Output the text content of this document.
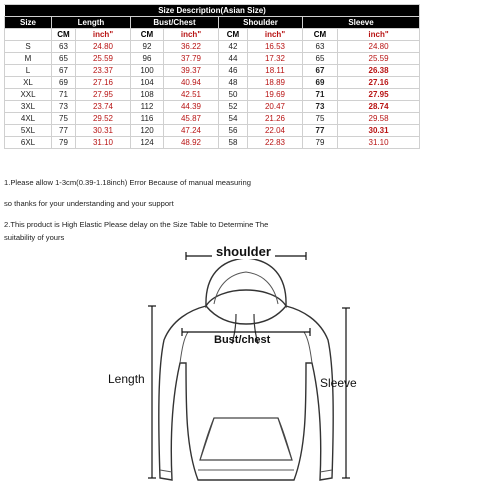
Size Description(Asian Size)								
Size	Length		Bust/Chest		Shoulder		Sleeve	
	CM	inch"	CM	inch"	CM	inch"	CM	inch"
S	63	24.80	92	36.22	42	16.53	63	24.80
M	65	25.59	96	37.79	44	17.32	65	25.59
L	67	23.37	100	39.37	46	18.11	67	26.38
XL	69	27.16	104	40.94	48	18.89	69	27.16
XXL	71	27.95	108	42.51	50	19.69	71	27.95
3XL	73	23.74	112	44.39	52	20.47	73	28.74
4XL	75	29.52	116	45.87	54	21.26	75	29.58
5XL	77	30.31	120	47.24	56	22.04	77	30.31
6XL	79	31.10	124	48.92	58	22.83	79	31.10
1.Please allow 1-3cm(0.39-1.18inch) Error Because of manual measuring
so thanks for your understanding and your support
2.This product is High Elastic Please delay on the Size Table to Determine The
suitability of yours
shoulder
Bust/chest
Length	Sleeve
